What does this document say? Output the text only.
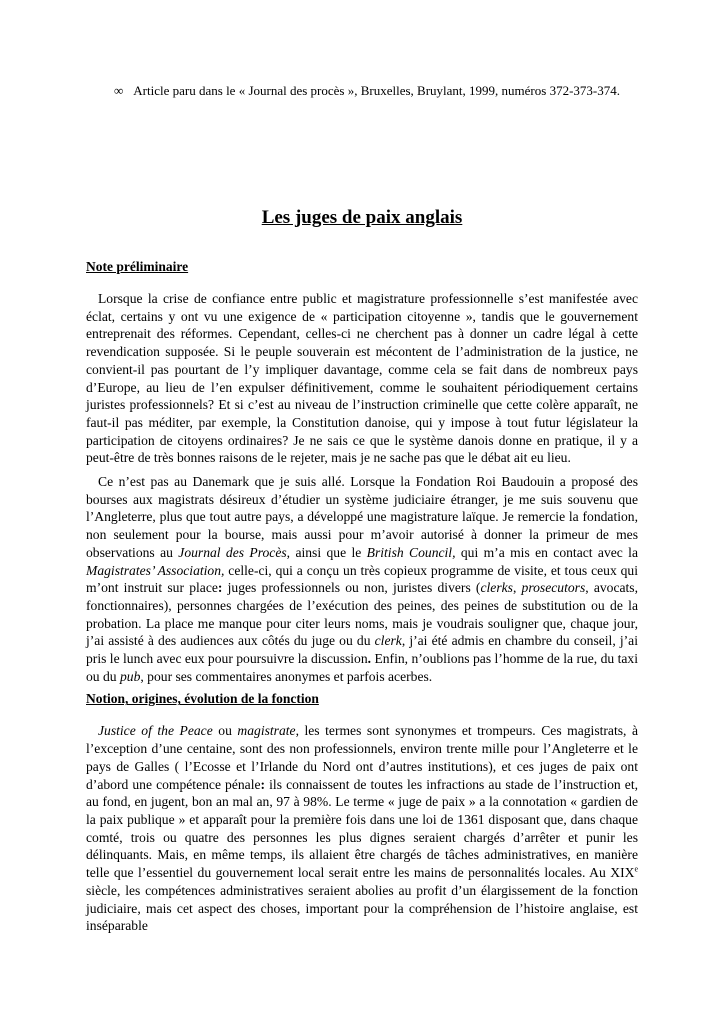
∞ Article paru dans le « Journal des procès », Bruxelles, Bruylant, 1999, numéros 372-373-374.
Les juges de paix anglais
Note préliminaire

Lorsque la crise de confiance entre public et magistrature professionnelle s’est manifestée avec éclat, certains y ont vu une exigence de « participation citoyenne », tandis que le gouvernement entreprenait des réformes. Cependant, celles-ci ne cherchent pas à donner un cadre légal à cette revendication supposée. Si le peuple souverain est mécontent de l’administration de la justice, ne convient-il pas pourtant de l’y impliquer davantage, comme cela se fait dans de nombreux pays d’Europe, au lieu de l’en expulser définitivement, comme le souhaitent périodiquement certains juristes professionnels? Et si c’est au niveau de l’instruction criminelle que cette colère apparaît, ne faut-il pas méditer, par exemple, la Constitution danoise, qui y impose à tout futur législateur la participation de citoyens ordinaires? Je ne sais ce que le système danois donne en pratique, il y a peut-être de très bonnes raisons de le rejeter, mais je ne sache pas que le débat ait eu lieu.

Ce n’est pas au Danemark que je suis allé. Lorsque la Fondation Roi Baudouin a proposé des bourses aux magistrats désireux d’étudier un système judiciaire étranger, je me suis souvenu que l’Angleterre, plus que tout autre pays, a développé une magistrature laïque. Je remercie la fondation, non seulement pour la bourse, mais aussi pour m’avoir autorisé à donner la primeur de mes observations au Journal des Procès, ainsi que le British Council, qui m’a mis en contact avec la Magistrates’ Association, celle-ci, qui a conçu un très copieux programme de visite, et tous ceux qui m’ont instruit sur place: juges professionnels ou non, juristes divers (clerks, prosecutors, avocats, fonctionnaires), personnes chargées de l’exécution des peines, des peines de substitution ou de la probation. La place me manque pour citer leurs noms, mais je voudrais souligner que, chaque jour, j’ai assisté à des audiences aux côtés du juge ou du clerk, j’ai été admis en chambre du conseil, j’ai pris le lunch avec eux pour poursuivre la discussion. Enfin, n’oublions pas l’homme de la rue, du taxi ou du pub, pour ses commentaires anonymes et parfois acerbes.

Notion, origines, évolution de la fonction

Justice of the Peace ou magistrate, les termes sont synonymes et trompeurs. Ces magistrats, à l’exception d’une centaine, sont des non professionnels, environ trente mille pour l’Angleterre et le pays de Galles ( l’Ecosse et l’Irlande du Nord ont d’autres institutions), et ces juges de paix ont d’abord une compétence pénale: ils connaissent de toutes les infractions au stade de l’instruction et, au fond, en jugent, bon an mal an, 97 à 98%. Le terme « juge de paix » a la connotation « gardien de la paix publique » et apparaît pour la première fois dans une loi de 1361 disposant que, dans chaque comté, trois ou quatre des personnes les plus dignes seraient chargés d’arrêter et punir les délinquants. Mais, en même temps, ils allaient être chargés de tâches administratives, en manière telle que l’essentiel du gouvernement local serait entre les mains de personnalités locales. Au XIXe siècle, les compétences administratives seraient abolies au profit d’un élargissement de la fonction judiciaire, mais cet aspect des choses, important pour la compréhension de l’histoire anglaise, est inséparable
